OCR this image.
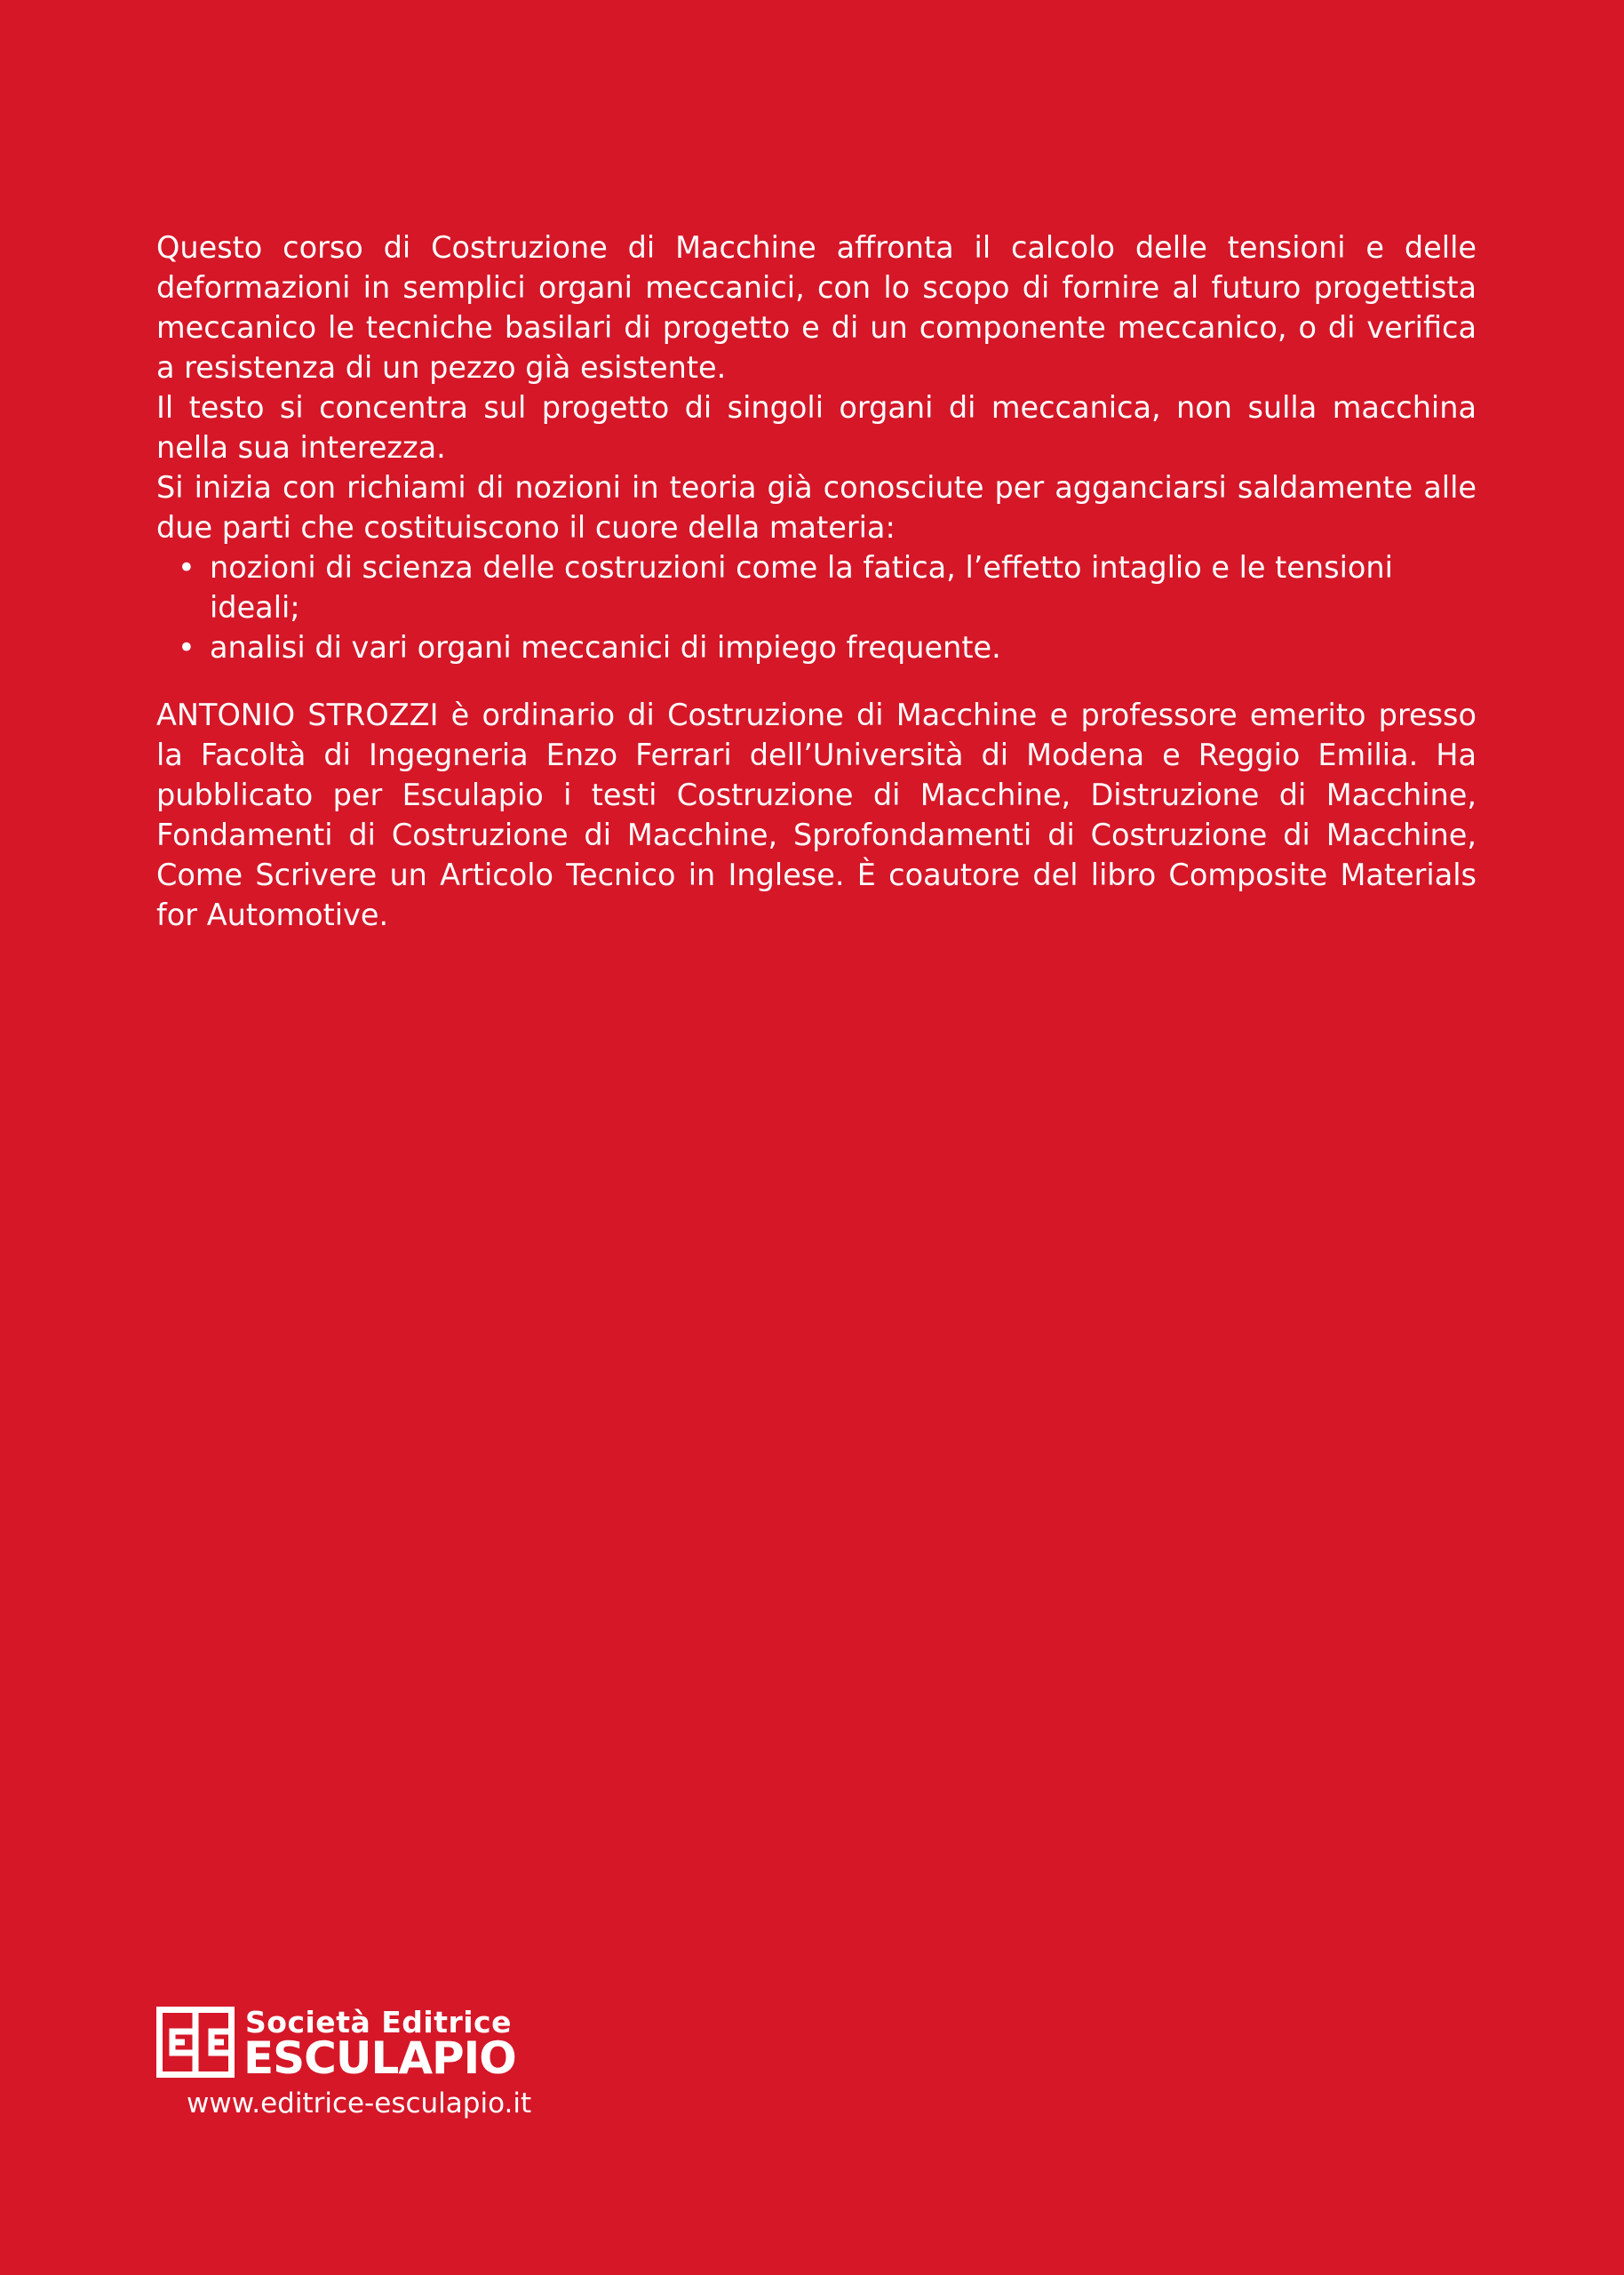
Questo corso di Costruzione di Macchine affronta il calcolo delle tensioni e delle deformazioni in semplici organi meccanici, con lo scopo di fornire al futuro progettista meccanico le tecniche basilari di progetto e di un componente meccanico, o di verifica a resistenza di un pezzo già esistente.

Il testo si concentra sul progetto di singoli organi di meccanica, non sulla macchina nella sua interezza.

Si inizia con richiami di nozioni in teoria già conosciute per agganciarsi saldamente alle due parti che costituiscono il cuore della materia:

• nozioni di scienza delle costruzioni come la fatica, l’effetto intaglio e le tensioni ideali;
• analisi di vari organi meccanici di impiego frequente.

ANTONIO STROZZI è ordinario di Costruzione di Macchine e professore emerito presso la Facoltà di Ingegneria Enzo Ferrari dell’Università di Modena e Reggio Emilia. Ha pubblicato per Esculapio i testi Costruzione di Macchine, Distruzione di Macchine, Fondamenti di Costruzione di Macchine, Sprofondamenti di Costruzione di Macchine, Come Scrivere un Articolo Tecnico in Inglese. È coautore del libro Composite Materials for Automotive.

Società Editrice
ESCULAPIO
www.editrice-esculapio.it
